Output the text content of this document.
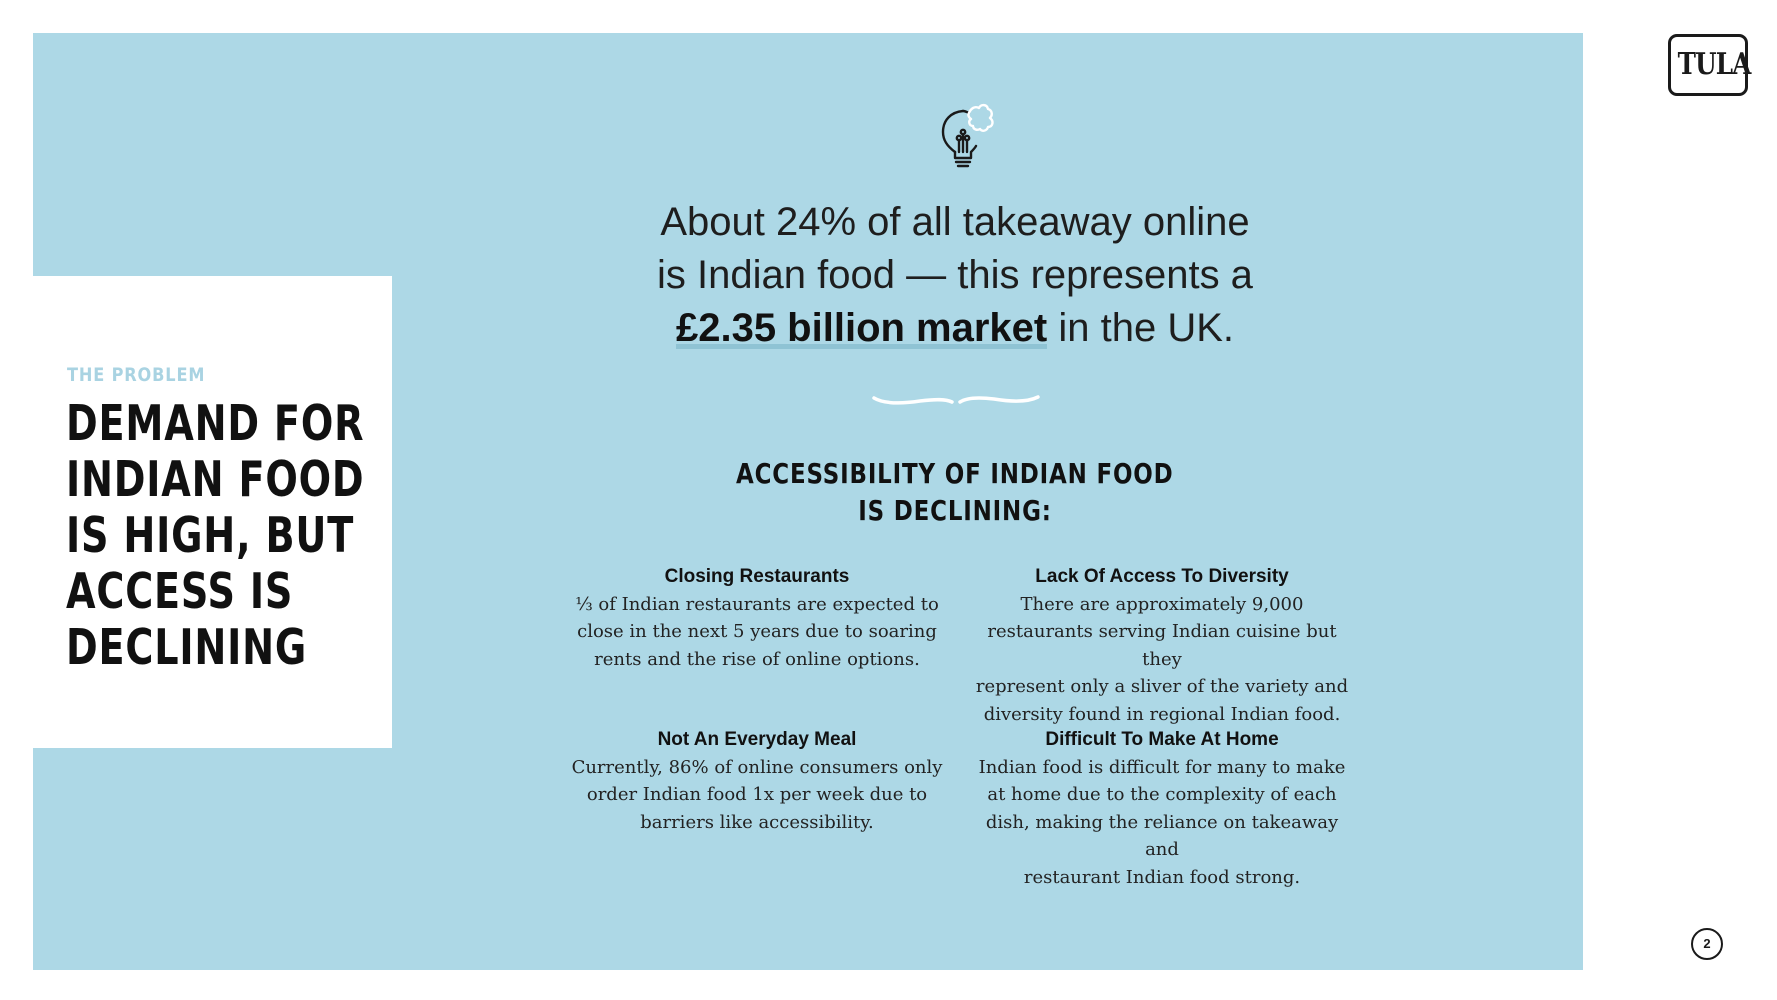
THE PROBLEM
DEMAND FOR
INDIAN FOOD
IS HIGH, BUT
ACCESS IS
DECLINING
TULA
About 24% of all takeaway online
is Indian food — this represents a
£2.35 billion market in the UK.
ACCESSIBILITY OF INDIAN FOOD
IS DECLINING:
Closing Restaurants
⅓ of Indian restaurants are expected to
close in the next 5 years due to soaring
rents and the rise of online options.
Lack Of Access To Diversity
There are approximately 9,000
restaurants serving Indian cuisine but they
represent only a sliver of the variety and
diversity found in regional Indian food.
Not An Everyday Meal
Currently, 86% of online consumers only
order Indian food 1x per week due to
barriers like accessibility.
Difficult To Make At Home
Indian food is difficult for many to make
at home due to the complexity of each
dish, making the reliance on takeaway and
restaurant Indian food strong.
2
